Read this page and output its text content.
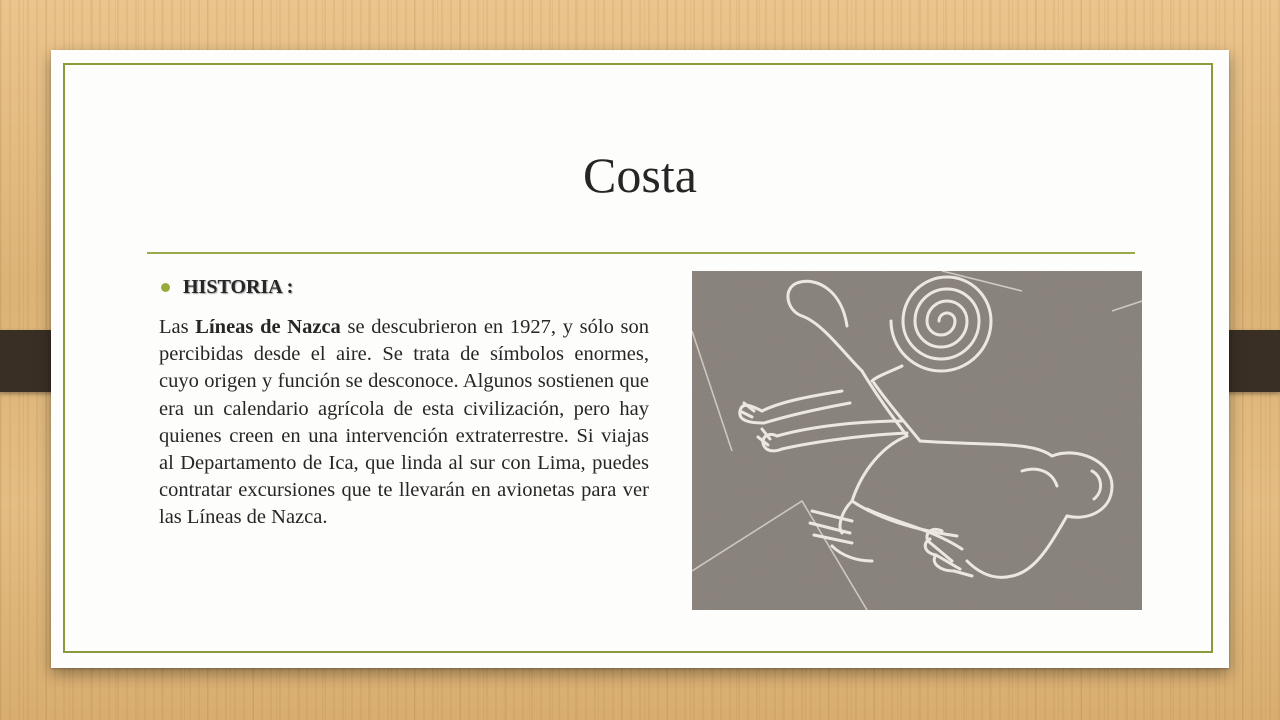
Costa
HISTORIA :
Las Líneas de Nazca se descubrieron en 1927, y sólo son percibidas desde el aire. Se trata de símbolos enormes, cuyo origen y función se desconoce. Algunos sostienen que era un calendario agrícola de esta civilización, pero hay quienes creen en una intervención extraterrestre. Si viajas al Departamento de Ica, que linda al sur con Lima, puedes contratar excursiones que te llevarán en avionetas para ver las Líneas de Nazca.
